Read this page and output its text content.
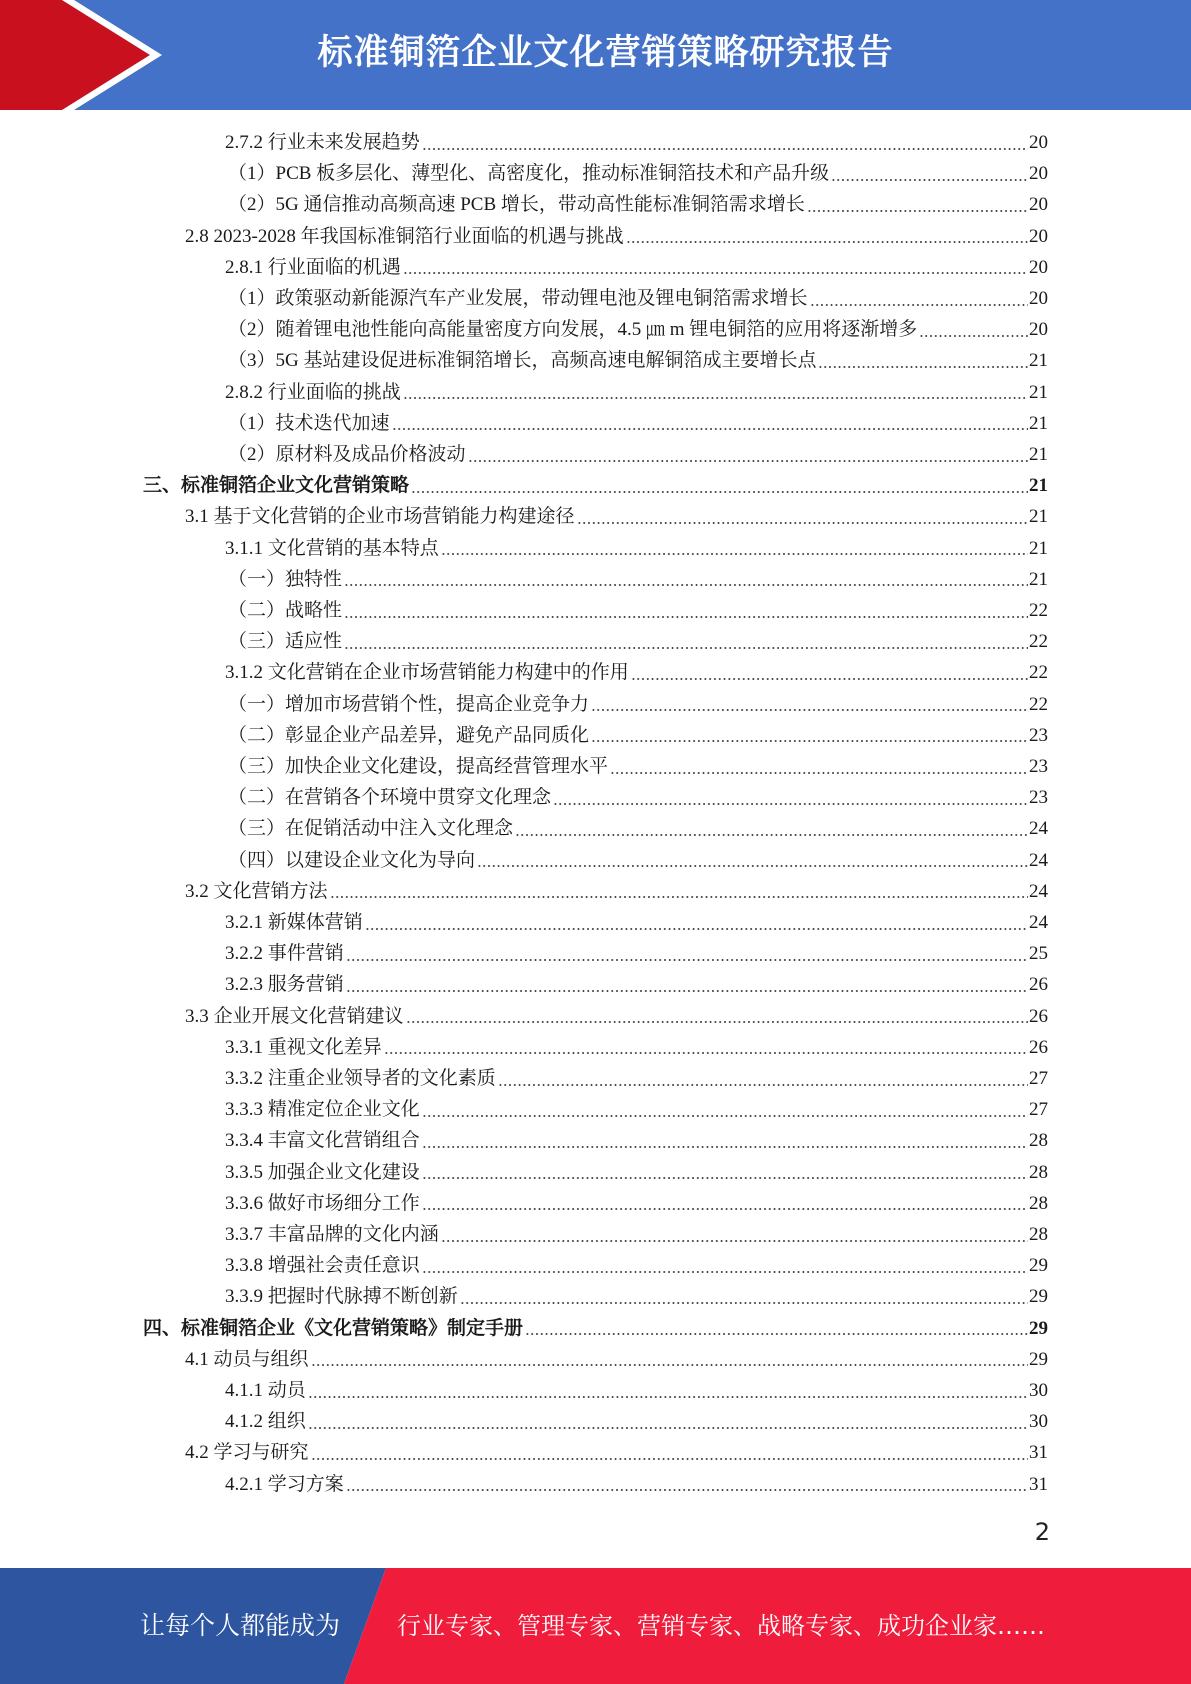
标准铜箔企业文化营销策略研究报告
2.7.2 行业未来发展趋势	20
（1）PCB 板多层化、薄型化、高密度化，推动标准铜箔技术和产品升级	20
（2）5G 通信推动高频高速 PCB 增长，带动高性能标准铜箔需求增长	20
2.8 2023-2028 年我国标准铜箔行业面临的机遇与挑战	20
2.8.1 行业面临的机遇	20
（1）政策驱动新能源汽车产业发展，带动锂电池及锂电铜箔需求增长	20
（2）随着锂电池性能向高能量密度方向发展，4.5 ㎛ m 锂电铜箔的应用将逐渐增多	20
（3）5G 基站建设促进标准铜箔增长，高频高速电解铜箔成主要增长点	21
2.8.2 行业面临的挑战	21
（1）技术迭代加速	21
（2）原材料及成品价格波动	21
三、标准铜箔企业文化营销策略	21
3.1 基于文化营销的企业市场营销能力构建途径	21
3.1.1 文化营销的基本特点	21
（一）独特性	21
（二）战略性	22
（三）适应性	22
3.1.2 文化营销在企业市场营销能力构建中的作用	22
（一）增加市场营销个性，提高企业竞争力	22
（二）彰显企业产品差异，避免产品同质化	23
（三）加快企业文化建设，提高经营管理水平	23
（二）在营销各个环境中贯穿文化理念	23
（三）在促销活动中注入文化理念	24
（四）以建设企业文化为导向	24
3.2 文化营销方法	24
3.2.1 新媒体营销	24
3.2.2 事件营销	25
3.2.3 服务营销	26
3.3 企业开展文化营销建议	26
3.3.1 重视文化差异	26
3.3.2 注重企业领导者的文化素质	27
3.3.3 精准定位企业文化	27
3.3.4 丰富文化营销组合	28
3.3.5 加强企业文化建设	28
3.3.6 做好市场细分工作	28
3.3.7 丰富品牌的文化内涵	28
3.3.8 增强社会责任意识	29
3.3.9 把握时代脉搏不断创新	29
四、标准铜箔企业《文化营销策略》制定手册	29
4.1 动员与组织	29
4.1.1 动员	30
4.1.2 组织	30
4.2 学习与研究	31
4.2.1 学习方案	31
2
让每个人都能成为 行业专家、管理专家、营销专家、战略专家、成功企业家……
